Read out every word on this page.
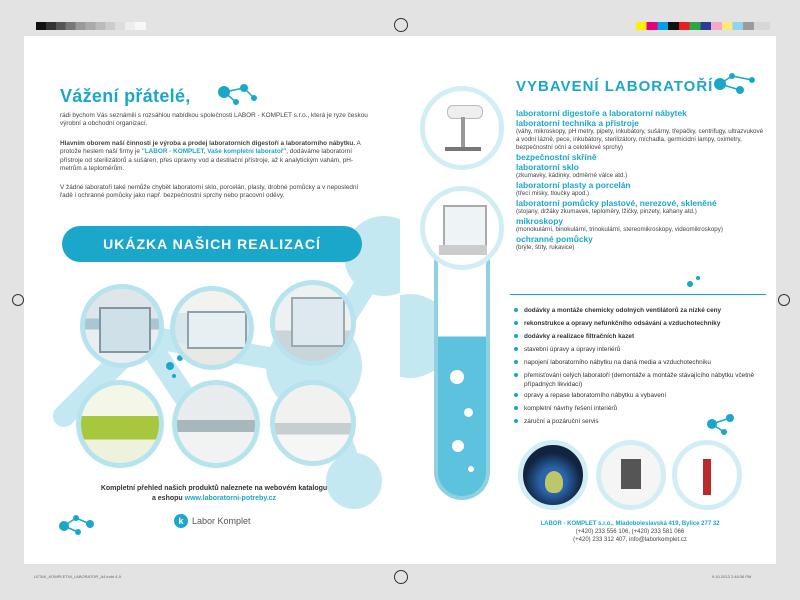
Vážení přátelé,
rádi bychom Vás seznámili s rozsáhlou nabídkou společnosti LABOR - KOMPLET s.r.o., která je ryze českou výrobní a obchodní organizací.
Hlavním oborem naší činnosti je výroba a prodej laboratorních digestoří a laboratorního nábytku. A protože heslem naší firmy je "LABOR - KOMPLET, Vaše kompletní laboratoř", dodáváme laboratorní přístroje od sterilizátorů a sušáren, přes úpravny vod a destilační přístroje, až k analytickým vahám, pH-metrům a teploměrům.
V žádné laboratoři také nemůže chybět laboratorní sklo, porcelán, plasty, drobné pomůcky a v neposlední řadě i ochranné pomůcky jako např. bezpečnostní sprchy nebo pracovní oděvy.
UKÁZKA NAŠICH REALIZACÍ
Kompletní přehled našich produktů naleznete na webovém katalogu
a eshopu www.laboratorni-potreby.cz
k Labor Komplet
VYBAVENÍ LABORATOŘÍ
laboratorní digestoře a laboratorní nábytek
laboratorní technika a přístroje
(váhy, mikroskopy, pH metry, pipety, inkubátory, sušárny, třepačky, centrifugy, ultrazvukové a vodní lázně, pece, inkubátory, sterilizátory, míchadla, germicidní lampy, oximetry, bezpečnostní oční a celotělové sprchy)
bezpečnostní skříně
laboratorní sklo
(zkumavky, kádinky, odměrné válce atd.)
laboratorní plasty a porcelán
(třecí misky, tloučky apod.)
laboratorní pomůcky plastové, nerezové, skleněné
(stojany, držáky zkumavek, teploměry, lžičky, pinzety, kahany atd.)
mikroskopy
(monokulární, binokulární, trinokulární, stereomikroskopy, videomikroskopy)
ochranné pomůcky
(brýle, štíty, rukavice)
dodávky a montáže chemicky odolných ventilátorů za nízké ceny
rekonstrukce a opravy nefunkčního odsávání a vzduchotechniky
dodávky a realizace filtračních kazet
stavební úpravy a úpravy interiérů
napojení laboratorního nábytku na daná media a vzduchotechniku
přemisťování celých laboratoří (demontáže a montáže stávajícího nábytku včetně případných likvidací)
opravy a repase laboratorního nábytku a vybavení
kompletní návrhy řešení interiérů
záruční a pozáruční servis
LABOR - KOMPLET s.r.o., Mladoboleslavská 419, Bylice 277 32
(+420) 233 556 106, (+420) 233 581 066
(+420) 233 312 407, info@laborkomplet.cz
LETAK_KOMPLETNI_LABORATOR_A4.indd 4-5	9.10.2013 2:48:36 PM
